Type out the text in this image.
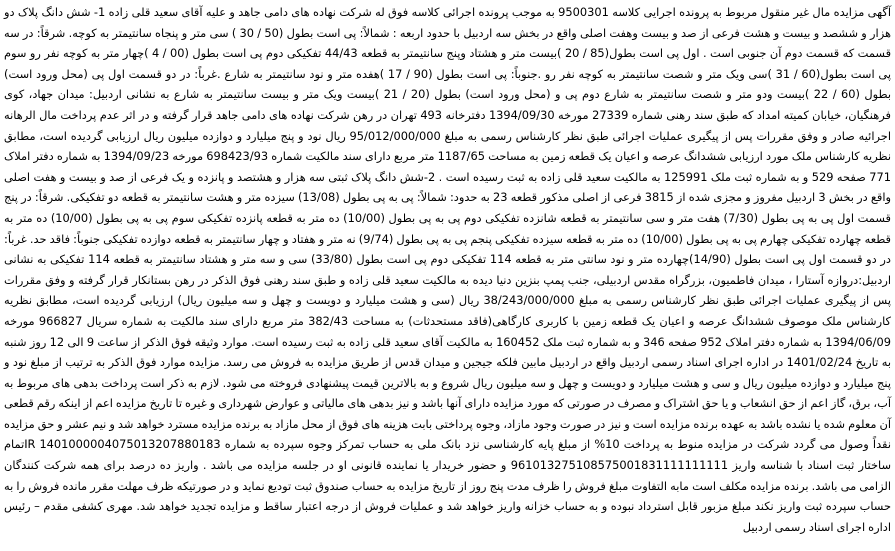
آگهی مزایده مال غیر منقول مربوط به پرونده اجرایی کلاسه 9500301 به موجب پرونده اجرائی کلاسه فوق له شرکت نهاده های دامی جاهد و علیه آقای سعید قلی زاده 1- شش دانگ پلاک دو هزار و ششصد و بیست و هشت فرعی از صد و بیست وهفت اصلی واقع در بخش سه اردبیل با حدود اربعه : شمالاً: پی است بطول (50 / 30 ) سی متر و پنجاه سانتیمتر به کوچه. شرقاً: در سه قسمت که قسمت دوم آن جنوبی است . اول پی است بطول(85 / 20 )بیست متر و هشتاد وپنج سانتیمتر به قطعه 44/43 تفکیکی دوم پی است بطول (00 / 4 )چهار متر به کوچه نفر رو سوم پی است بطول(60 / 31 )سی ویک متر و شصت سانتیمتر به کوچه نفر رو .جنوباً: پی است بطول (90 / 17 )هفده متر و نود سانتیمتر به شارع .غرباً: در دو قسمت اول پی (محل ورود است) بطول (60 / 22 )بیست ودو متر و شصت سانتیمتر به شارع دوم پی و (محل ورود است) بطول (20 / 21 )بیست ویک متر و بیست سانتیمتر به شارع به نشانی اردبیل: میدان جهاد، کوی فرهنگیان، خیابان کمیته امداد که طبق سند رهنی شماره 27339 مورخه 1394/09/30 دفترخانه 493 تهران در رهن شرکت نهاده های دامی جاهد قرار گرفته و در اثر عدم پرداخت مال الرهانه اجرائیه صادر و وفق مقررات پس از پیگیری عملیات اجرائی طبق نظر کارشناس رسمی به مبلغ 95/012/000/000 ریال نود و پنج میلیارد و دوازده میلیون ریال ارزیابی گردیده است، مطابق نظریه کارشناس ملک مورد ارزیابی ششدانگ عرصه و اعیان یک قطعه زمین به مساحت 1187/65 متر مربع دارای سند مالکیت شماره 698423/93 مورخه 1394/09/23 به شماره دفتر املاک 771 صفحه 529 و به شماره ثبت ملک 125991 به مالکیت سعید قلی زاده به ثبت رسیده است . 2-شش دانگ پلاک ثبتی سه هزار و هشتصد و پانزده و یک فرعی از صد و بیست و هفت اصلی واقع در بخش 3 اردبیل مفروز و مجزی شده از 3815 فرعی از اصلی مذکور قطعه 23 به حدود: شمالاً: پی به پی بطول (13/08) سیزده متر و هشت سانتیمتر به قطعه دو تفکیکی. شرقاً: در پنج قسمت اول پی به پی بطول (7/30) هفت متر و سی سانتیمتر به قطعه شانزده تفکیکی دوم پی به پی بطول (10/00) ده متر به قطعه پانزده تفکیکی سوم پی به پی بطول (10/00) ده متر به قطعه چهارده تفکیکی چهارم پی به پی بطول (10/00) ده متر به قطعه سیزده تفکیکی پنجم پی به پی بطول (9/74) نه متر و هفتاد و چهار سانتیمتر به قطعه دوازده تفکیکی جنوباً: فاقد حد. غرباً: در دو قسمت اول پی است بطول (14/90)چهارده متر و نود سانتی متر به قطعه 114 تفکیکی دوم پی است بطول (33/80) سی و سه متر و هشتاد سانتیمتر به قطعه 114 تفکیکی به نشانی اردبیل:دروازه آستارا ، میدان فاطمیون، بزرگراه مقدس اردبیلی، جنب پمپ بنزین دنیا دیده به مالکیت سعید قلی زاده و طبق سند رهنی فوق الذکر در رهن بستانکار قرار گرفته و وفق مقررات پس از پیگیری عملیات اجرائی طبق نظر کارشناس رسمی به مبلغ 38/243/000/000 ریال (سی و هشت میلیارد و دویست و چهل و سه میلیون ریال) ارزیابی گردیده است، مطابق نظریه کارشناس ملک موصوف ششدانگ عرصه و اعیان یک قطعه زمین با کاربری کارگاهی(فاقد مستحدثات) به مساحت 382/43 متر مربع دارای سند مالکیت به شماره سریال 966827 مورخه 1394/06/09 به شماره دفتر املاک 952 صفحه 346 و به شماره ثبت ملک 160452 به مالکیت آقای سعید قلی زاده به ثبت رسیده است. موارد وثیقه فوق الذکر از ساعت 9 الی 12 روز شنبه به تاریخ 1401/02/24 در اداره اجرای اسناد رسمی اردبیل واقع در اردبیل مابین فلکه جیجین و میدان قدس از طریق مزایده به فروش می رسد. مزایده موارد فوق الذکر به ترتیب از مبلغ نود و پنج میلیارد و دوازده میلیون ریال و سی و هشت میلیارد و دویست و چهل و سه میلیون ریال شروع و به بالاترین قیمت پیشنهادی فروخته می شود. لازم به ذکر است پرداخت بدهی های مربوط به آب، برق، گاز اعم از حق انشعاب و یا حق اشتراک و مصرف در صورتی که مورد مزایده دارای آنها باشد و نیز بدهی های مالیاتی و عوارض شهرداری و غیره تا تاریخ مزایده اعم از اینکه رقم قطعی آن معلوم شده یا نشده باشد به عهده برنده مزایده است و نیز در صورت وجود مازاد، وجوه پرداختی بابت هزینه های فوق از محل مازاد به برنده مزایده مسترد خواهد شد و نیم عشر و حق مزایده نقداً وصول می گردد شرکت در مزایده منوط به پرداخت 10% از مبلغ پایه کارشناسی نزد بانک ملی به حساب تمرکز وجوه سپرده به شماره 1401000004075013207880183 IRتمام ساختار ثبت اسناد با شناسه واریز 961013275108575001831111111111 و حضور خریدار یا نماینده قانونی او در جلسه مزایده می باشد . واریز ده درصد برای همه شرکت کنندگان الزامی می باشد. برنده مزایده مکلف است مابه التفاوت مبلغ فروش را ظرف مدت پنج روز از تاریخ مزایده به حساب صندوق ثبت تودیع نماید و در صورتیکه ظرف مهلت مقرر مانده فروش را به حساب سپرده ثبت واریز نکند مبلغ مزبور قابل استرداد نبوده و به حساب خزانه واریز خواهد شد و عملیات فروش از درجه اعتبار ساقط و مزایده تجدید خواهد شد. مهری کشفی مقدم – رئیس اداره اجرای اسناد رسمی اردبیل
